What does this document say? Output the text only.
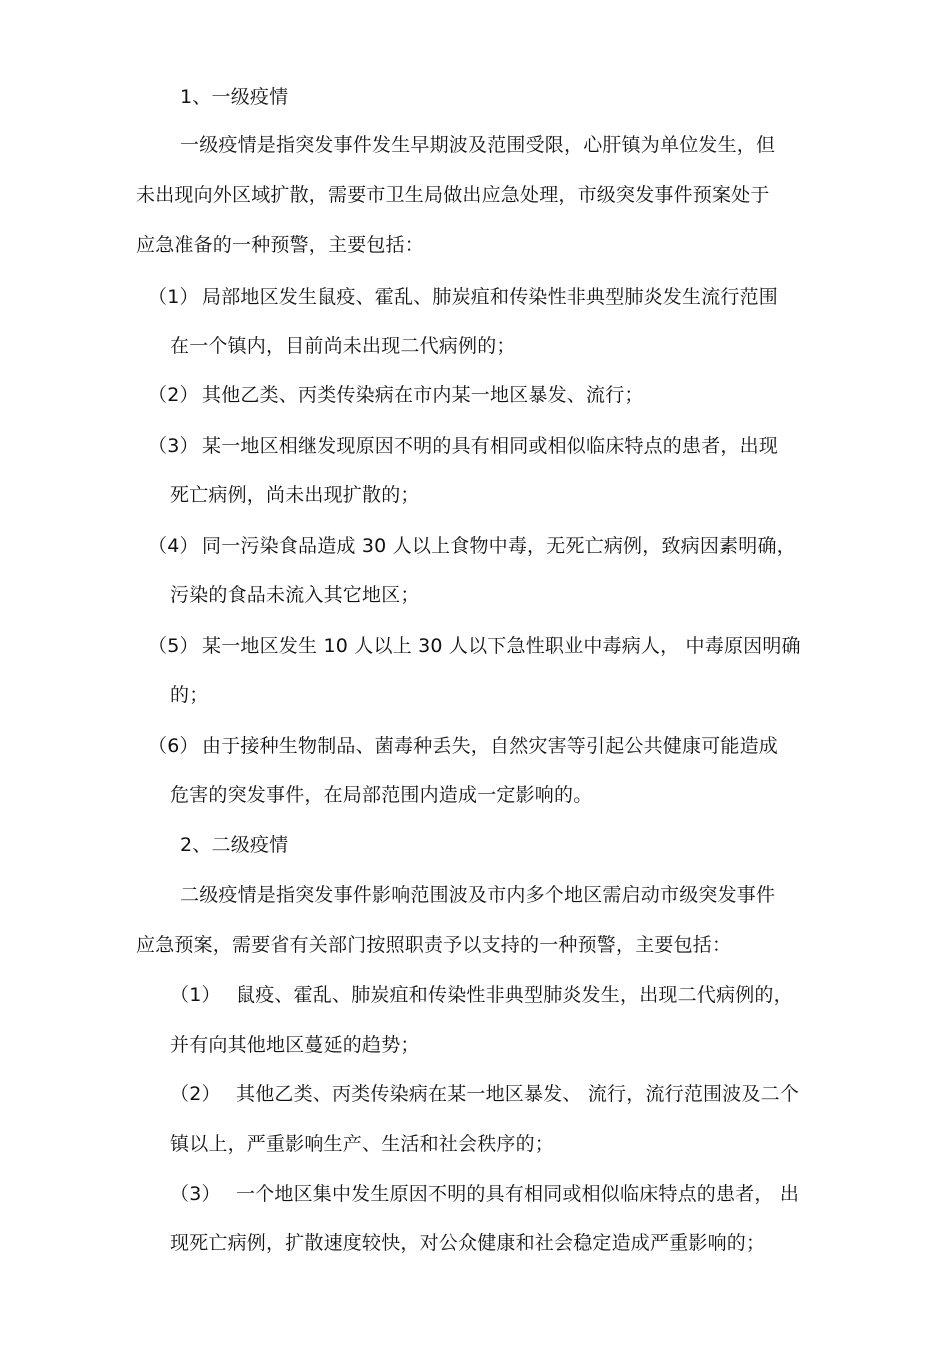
1、一级疫情
一级疫情是指突发事件发生早期波及范围受限，心肝镇为单位发生，但
未出现向外区域扩散，需要市卫生局做出应急处理，市级突发事件预案处于
应急准备的一种预警，主要包括：
（1） 局部地区发生鼠疫、霍乱、肺炭疽和传染性非典型肺炎发生流行范围
在一个镇内，目前尚未出现二代病例的；
（2） 其他乙类、丙类传染病在市内某一地区暴发、流行；
（3） 某一地区相继发现原因不明的具有相同或相似临床特点的患者，出现
死亡病例，尚未出现扩散的；
（4） 同一污染食品造成 30 人以上食物中毒，无死亡病例，致病因素明确，
污染的食品未流入其它地区；
（5） 某一地区发生 10 人以上 30 人以下急性职业中毒病人， 中毒原因明确
的；
（6） 由于接种生物制品、菌毒种丢失，自然灾害等引起公共健康可能造成
危害的突发事件，在局部范围内造成一定影响的。
2、二级疫情
二级疫情是指突发事件影响范围波及市内多个地区需启动市级突发事件
应急预案，需要省有关部门按照职责予以支持的一种预警，主要包括：
（1） 鼠疫、霍乱、肺炭疽和传染性非典型肺炎发生，出现二代病例的，
并有向其他地区蔓延的趋势；
（2） 其他乙类、丙类传染病在某一地区暴发、 流行，流行范围波及二个
镇以上，严重影响生产、生活和社会秩序的；
（3） 一个地区集中发生原因不明的具有相同或相似临床特点的患者， 出
现死亡病例，扩散速度较快，对公众健康和社会稳定造成严重影响的；
